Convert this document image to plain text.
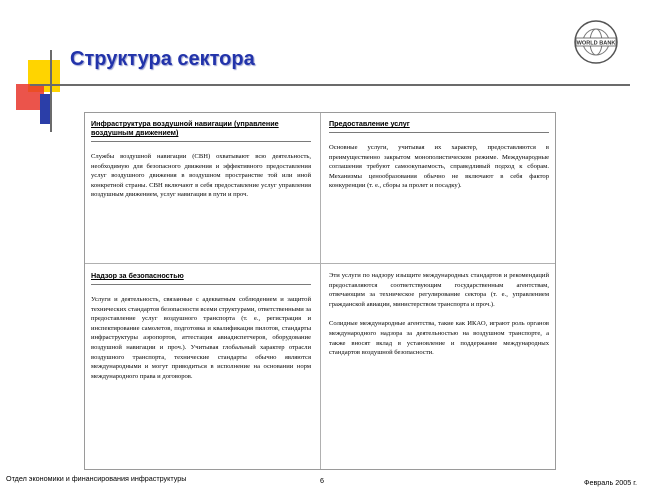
Структура сектора
WORLD BANK

Инфраструктура воздушной навигации (управление воздушным движением)

Службы воздушной навигации (СВН) охватывают всю деятельность, необходимую для безопасного движения и эффективного предоставления услуг воздушного движения в воздушном пространстве той или иной конкретной страны. СВН включают в себя предоставление услуг управления воздушным движением, услуг навигации в пути и проч.

Предоставление услуг

Основные услуги, учитывая их характер, предоставляются в преимущественно закрытом монополистическом режиме. Международные соглашения требуют самоокупаемость, справедливый подход к сборам. Механизмы ценообразования обычно не включают в себя фактор конкуренции (т. е., сборы за пролет и посадку).

Надзор за безопасностью

Услуги и деятельность, связанные с адекватным соблюдением и защитой технических стандартов безопасности всеми структурами, ответственными за предоставление услуг воздушного транспорта (т. е., регистрация и инспектирование самолетов, подготовка и квалификация пилотов, стандарты инфраструктуры аэропортов, аттестация авиадиспетчеров, оборудование воздушной навигации и проч.). Учитывая глобальный характер отрасли воздушного транспорта, технические стандарты обычно являются международными и могут приводиться в исполнение на основании норм международного права и договоров.

Эти услуги по надзору изыщите международных стандартов и рекомендаций предоставляются соответствующим государственным агентствам, отвечающим за техническое регулирование сектора (т. е., управлением гражданской авиации, министерством транспорта и проч.).

Солидные международные агентства, такие как ИКАО, играют роль органов международного надзора за деятельностью на воздушном транспорте, а также вносят вклад в установление и поддержание международных стандартов воздушной безопасности.

Отдел экономики и финансирования инфраструктуры	6	Февраль 2005 г.
